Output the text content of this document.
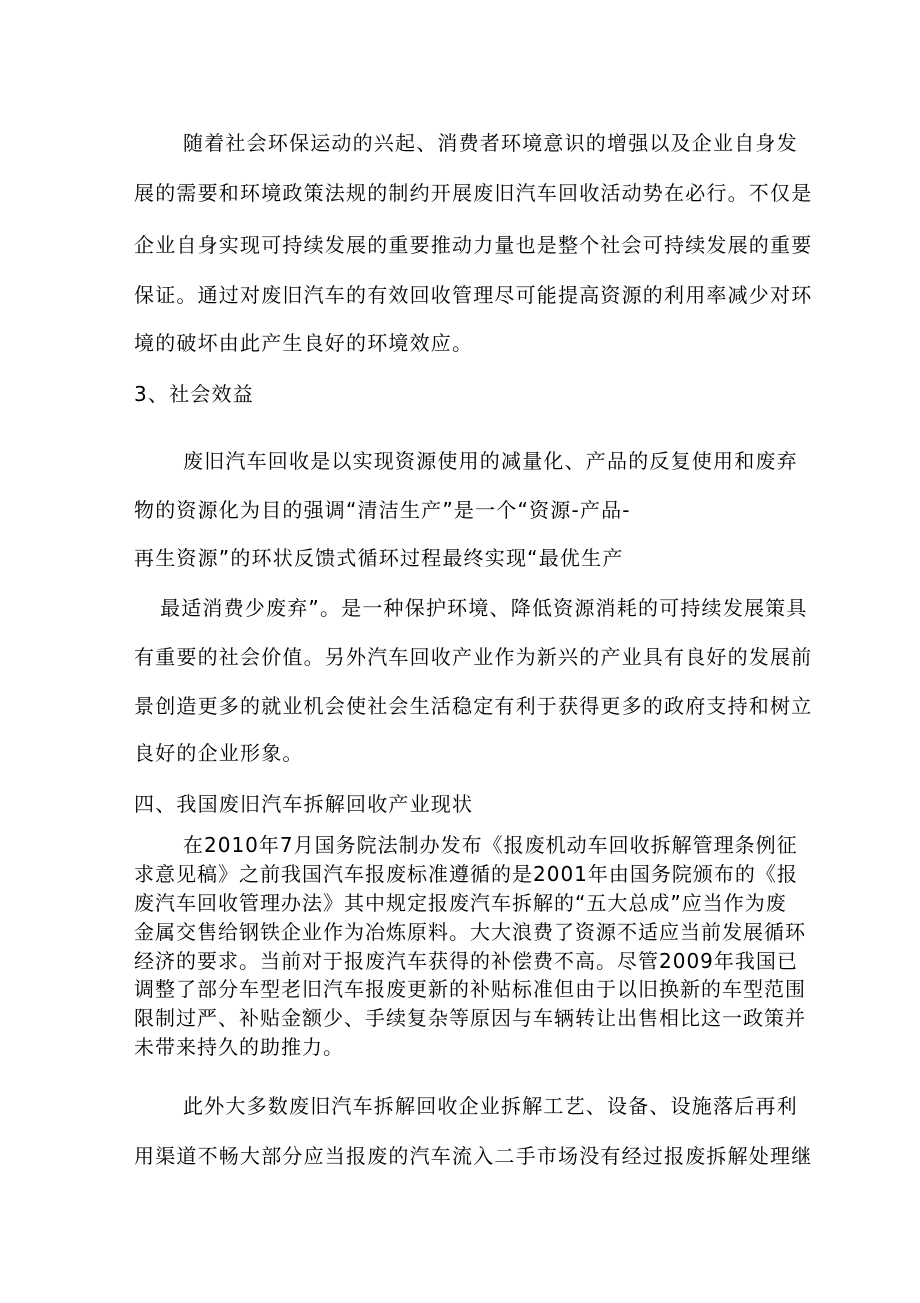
随着社会环保运动的兴起、消费者环境意识的增强以及企业自身发
展的需要和环境政策法规的制约开展废旧汽车回收活动势在必行。不仅是
企业自身实现可持续发展的重要推动力量也是整个社会可持续发展的重要
保证。通过对废旧汽车的有效回收管理尽可能提高资源的利用率减少对环
境的破坏由此产生良好的环境效应。
3、社会效益
废旧汽车回收是以实现资源使用的减量化、产品的反复使用和废弃
物的资源化为目的强调“清洁生产”是一个“资源-产品-
再生资源”的环状反馈式循环过程最终实现“最优生产
最适消费少废弃”。是一种保护环境、降低资源消耗的可持续发展策具
有重要的社会价值。另外汽车回收产业作为新兴的产业具有良好的发展前
景创造更多的就业机会使社会生活稳定有利于获得更多的政府支持和树立
良好的企业形象。
四、我国废旧汽车拆解回收产业现状
在2010年7月国务院法制办发布《报废机动车回收拆解管理条例征
求意见稿》之前我国汽车报废标准遵循的是2001年由国务院颁布的《报
废汽车回收管理办法》其中规定报废汽车拆解的“五大总成”应当作为废
金属交售给钢铁企业作为冶炼原料。大大浪费了资源不适应当前发展循环
经济的要求。当前对于报废汽车获得的补偿费不高。尽管2009年我国已
调整了部分车型老旧汽车报废更新的补贴标准但由于以旧换新的车型范围
限制过严、补贴金额少、手续复杂等原因与车辆转让出售相比这一政策并
未带来持久的助推力。
此外大多数废旧汽车拆解回收企业拆解工艺、设备、设施落后再利
用渠道不畅大部分应当报废的汽车流入二手市场没有经过报废拆解处理继
